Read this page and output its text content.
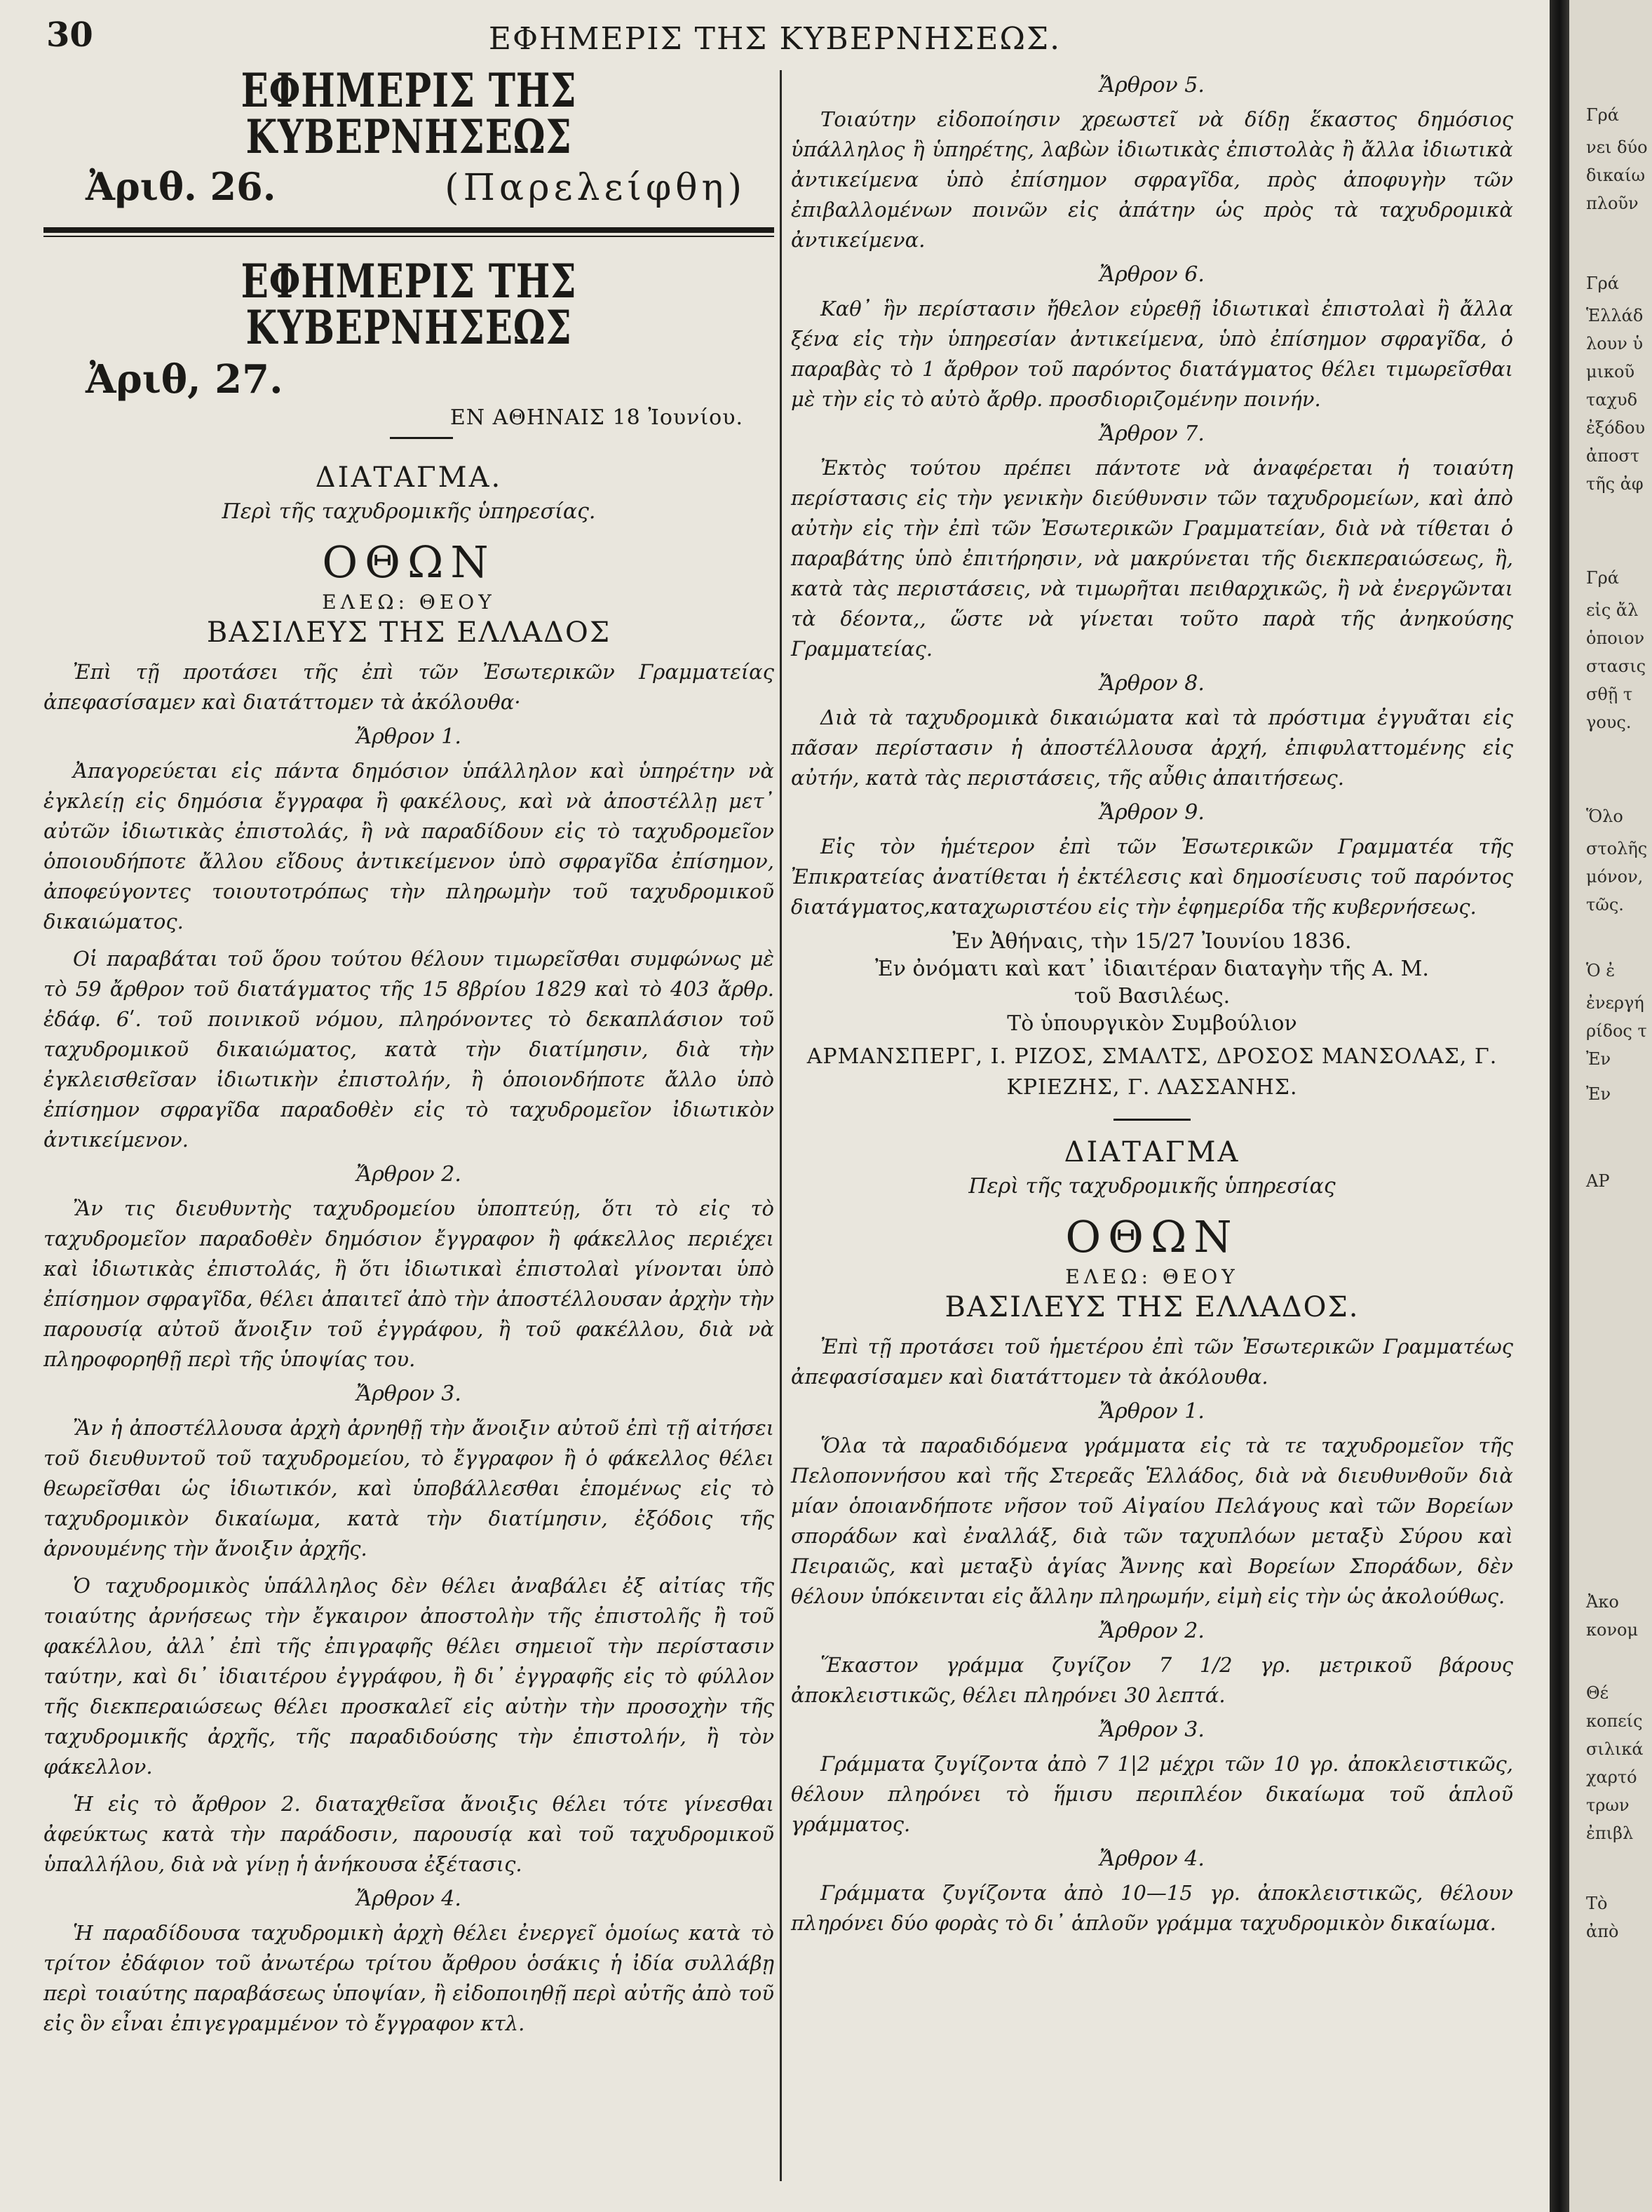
30	ΕΦΗΜΕΡΙΣ ΤΗΣ ΚΥΒΕΡΝΗΣΕΩΣ.
ΕΦΗΜΕΡΙΣ ΤΗΣ ΚΥΒΕΡΝΗΣΕΩΣ
Ἀριθ. 26.	(Παρελείφθη)
ΕΦΗΜΕΡΙΣ ΤΗΣ ΚΥΒΕΡΝΗΣΕΩΣ
Ἀριθ, 27.
ΕΝ ΑΘΗΝΑΙΣ 18 Ἰουνίου.
ΔΙΑΤΑΓΜΑ.
Περὶ τῆς ταχυδρομικῆς ὑπηρεσίας.
ΟΘΩΝ
ΕΛΕΩ: ΘΕΟΥ
ΒΑΣΙΛΕΥΣ ΤΗΣ ΕΛΛΑΔΟΣ

Ἐπὶ τῇ προτάσει τῆς ἐπὶ τῶν Ἐσωτερικῶν Γραμματείας ἀπεφασίσαμεν καὶ διατάττομεν τὰ ἀκόλουθα·

Ἄρθρον 1.

Ἀπαγορεύεται εἰς πάντα δημόσιον ὑπάλληλον καὶ ὑπηρέτην νὰ ἐγκλείῃ εἰς δημόσια ἔγγραφα ἢ φακέλους, καὶ νὰ ἀποστέλλῃ μετ᾽ αὐτῶν ἰδιωτικὰς ἐπιστολάς, ἢ νὰ παραδίδουν εἰς τὸ ταχυδρομεῖον ὁποιουδήποτε ἄλλου εἴδους ἀντικείμενον ὑπὸ σφραγῖδα ἐπίσημον, ἀποφεύγοντες τοιουτοτρόπως τὴν πληρωμὴν τοῦ ταχυδρομικοῦ δικαιώματος.

Οἱ παραβάται τοῦ ὅρου τούτου θέλουν τιμωρεῖσθαι συμφώνως μὲ τὸ 59 ἄρθρον τοῦ διατάγματος τῆς 15 8βρίου 1829 καὶ τὸ 403 ἄρθρ. ἐδάφ. 6ʹ. τοῦ ποινικοῦ νόμου, πληρόνοντες τὸ δεκαπλάσιον τοῦ ταχυδρομικοῦ δικαιώματος, κατὰ τὴν διατίμησιν, διὰ τὴν ἐγκλεισθεῖσαν ἰδιωτικὴν ἐπιστολήν, ἢ ὁποιονδήποτε ἄλλο ὑπὸ ἐπίσημον σφραγῖδα παραδοθὲν εἰς τὸ ταχυδρομεῖον ἰδιωτικὸν ἀντικείμενον.

Ἄρθρον 2.

Ἂν τις διευθυντὴς ταχυδρομείου ὑποπτεύῃ, ὅτι τὸ εἰς τὸ ταχυδρομεῖον παραδοθὲν δημόσιον ἔγγραφον ἢ φάκελλος περιέχει καὶ ἰδιωτικὰς ἐπιστολάς, ἢ ὅτι ἰδιωτικαὶ ἐπιστολαὶ γίνονται ὑπὸ ἐπίσημον σφραγῖδα, θέλει ἀπαιτεῖ ἀπὸ τὴν ἀποστέλλουσαν ἀρχὴν τὴν παρουσίᾳ αὐτοῦ ἄνοιξιν τοῦ ἐγγράφου, ἢ τοῦ φακέλλου, διὰ νὰ πληροφορηθῇ περὶ τῆς ὑποψίας του.

Ἄρθρον 3.

Ἂν ἡ ἀποστέλλουσα ἀρχὴ ἀρνηθῇ τὴν ἄνοιξιν αὐτοῦ ἐπὶ τῇ αἰτήσει τοῦ διευθυντοῦ τοῦ ταχυδρομείου, τὸ ἔγγραφον ἢ ὁ φάκελλος θέλει θεωρεῖσθαι ὡς ἰδιωτικόν, καὶ ὑποβάλλεσθαι ἑπομένως εἰς τὸ ταχυδρομικὸν δικαίωμα, κατὰ τὴν διατίμησιν, ἐξόδοις τῆς ἀρνουμένης τὴν ἄνοιξιν ἀρχῆς.

Ὁ ταχυδρομικὸς ὑπάλληλος δὲν θέλει ἀναβάλει ἐξ αἰτίας τῆς τοιαύτης ἀρνήσεως τὴν ἔγκαιρον ἀποστολὴν τῆς ἐπιστολῆς ἢ τοῦ φακέλλου, ἀλλ᾽ ἐπὶ τῆς ἐπιγραφῆς θέλει σημειοῖ τὴν περίστασιν ταύτην, καὶ δι᾽ ἰδιαιτέρου ἐγγράφου, ἢ δι᾽ ἐγγραφῆς εἰς τὸ φύλλον τῆς διεκπεραιώσεως θέλει προσκαλεῖ εἰς αὐτὴν τὴν προσοχὴν τῆς ταχυδρομικῆς ἀρχῆς, τῆς παραδιδούσης τὴν ἐπιστολήν, ἢ τὸν φάκελλον.

Ἡ εἰς τὸ ἄρθρον 2. διαταχθεῖσα ἄνοιξις θέλει τότε γίνεσθαι ἀφεύκτως κατὰ τὴν παράδοσιν, παρουσίᾳ καὶ τοῦ ταχυδρομικοῦ ὑπαλλήλου, διὰ νὰ γίνῃ ἡ ἁνήκουσα ἐξέτασις.

Ἄρθρον 4.

Ἡ παραδίδουσα ταχυδρομικὴ ἀρχὴ θέλει ἐνεργεῖ ὁμοίως κατὰ τὸ τρίτον ἐδάφιον τοῦ ἀνωτέρω τρίτου ἄρθρου ὁσάκις ἡ ἰδία συλλάβῃ περὶ τοιαύτης παραβάσεως ὑποψίαν, ἢ εἰδοποιηθῇ περὶ αὐτῆς ἀπὸ τοῦ εἰς ὃν εἶναι ἐπιγεγραμμένον τὸ ἔγγραφον κτλ.

Ἄρθρον 5.

Τοιαύτην εἰδοποίησιν χρεωστεῖ νὰ δίδῃ ἕκαστος δημόσιος ὑπάλληλος ἢ ὑπηρέτης, λαβὼν ἰδιωτικὰς ἐπιστολὰς ἢ ἄλλα ἰδιωτικὰ ἀντικείμενα ὑπὸ ἐπίσημον σφραγῖδα, πρὸς ἀποφυγὴν τῶν ἐπιβαλλομένων ποινῶν εἰς ἀπάτην ὡς πρὸς τὰ ταχυδρομικὰ ἀντικείμενα.

Ἄρθρον 6.

Καθ᾽ ἣν περίστασιν ἤθελον εὑρεθῇ ἰδιωτικαὶ ἐπιστολαὶ ἢ ἄλλα ξένα εἰς τὴν ὑπηρεσίαν ἀντικείμενα, ὑπὸ ἐπίσημον σφραγῖδα, ὁ παραβὰς τὸ 1 ἄρθρον τοῦ παρόντος διατάγματος θέλει τιμωρεῖσθαι μὲ τὴν εἰς τὸ αὐτὸ ἄρθρ. προσδιοριζομένην ποινήν.

Ἄρθρον 7.

Ἐκτὸς τούτου πρέπει πάντοτε νὰ ἀναφέρεται ἡ τοιαύτη περίστασις εἰς τὴν γενικὴν διεύθυνσιν τῶν ταχυδρομείων, καὶ ἀπὸ αὐτὴν εἰς τὴν ἐπὶ τῶν Ἐσωτερικῶν Γραμματείαν, διὰ νὰ τίθεται ὁ παραβάτης ὑπὸ ἐπιτήρησιν, νὰ μακρύνεται τῆς διεκπεραιώσεως, ἢ, κατὰ τὰς περιστάσεις, νὰ τιμωρῆται πειθαρχικῶς, ἢ νὰ ἐνεργῶνται τὰ δέοντα,, ὥστε νὰ γίνεται τοῦτο παρὰ τῆς ἀνηκούσης Γραμματείας.

Ἄρθρον 8.

Διὰ τὰ ταχυδρομικὰ δικαιώματα καὶ τὰ πρόστιμα ἐγγυᾶται εἰς πᾶσαν περίστασιν ἡ ἀποστέλλουσα ἀρχή, ἐπιφυλαττομένης εἰς αὐτήν, κατὰ τὰς περιστάσεις, τῆς αὖθις ἀπαιτήσεως.

Ἄρθρον 9.

Εἰς τὸν ἡμέτερον ἐπὶ τῶν Ἐσωτερικῶν Γραμματέα τῆς Ἐπικρατείας ἀνατίθεται ἡ ἐκτέλεσις καὶ δημοσίευσις τοῦ παρόντος διατάγματος,καταχωριστέου εἰς τὴν ἐφημερίδα τῆς κυβερνήσεως.

Ἐν Ἀθήναις, τὴν 15/27 Ἰουνίου 1836.
Ἐν ὀνόματι καὶ κατ᾽ ἰδιαιτέραν διαταγὴν τῆς Α. Μ.
τοῦ Βασιλέως.
Τὸ ὑπουργικὸν Συμβούλιον
ΑΡΜΑΝΣΠΕΡΓ, Ι. ΡΙΖΟΣ, ΣΜΑΛΤΣ, ΔΡΟΣΟΣ ΜΑΝΣΟΛΑΣ, Γ.
ΚΡΙΕΖΗΣ, Γ. ΛΑΣΣΑΝΗΣ.
ΔΙΑΤΑΓΜΑ
Περὶ τῆς ταχυδρομικῆς ὑπηρεσίας
ΟΘΩΝ
ΕΛΕΩ: ΘΕΟΥ
ΒΑΣΙΛΕΥΣ ΤΗΣ ΕΛΛΑΔΟΣ.

Ἐπὶ τῇ προτάσει τοῦ ἡμετέρου ἐπὶ τῶν Ἐσωτερικῶν Γραμματέως ἀπεφασίσαμεν καὶ διατάττομεν τὰ ἀκόλουθα.

Ἄρθρον 1.

Ὅλα τὰ παραδιδόμενα γράμματα εἰς τὰ τε ταχυδρομεῖον τῆς Πελοποννήσου καὶ τῆς Στερεᾶς Ἑλλάδος, διὰ νὰ διευθυνθοῦν διὰ μίαν ὁποιανδήποτε νῆσον τοῦ Αἰγαίου Πελάγους καὶ τῶν Βορείων σποράδων καὶ ἐναλλάξ, διὰ τῶν ταχυπλόων μεταξὺ Σύρου καὶ Πειραιῶς, καὶ μεταξὺ ἁγίας Ἄννης καὶ Βορείων Σποράδων, δὲν θέλουν ὑπόκεινται εἰς ἄλλην πληρωμήν, εἰμὴ εἰς τὴν ὡς ἀκολούθως.

Ἄρθρον 2.

Ἕκαστον γράμμα ζυγίζον 7 1/2 γρ. μετρικοῦ βάρους ἀποκλειστικῶς, θέλει πληρόνει 30 λεπτά.

Ἄρθρον 3.

Γράμματα ζυγίζοντα ἀπὸ 7 1|2 μέχρι τῶν 10 γρ. ἀποκλειστικῶς, θέλουν πληρόνει τὸ ἥμισυ περιπλέον δικαίωμα τοῦ ἁπλοῦ γράμματος.

Ἄρθρον 4.

Γράμματα ζυγίζοντα ἀπὸ 10—15 γρ. ἀποκλειστικῶς, θέλουν πληρόνει δύο φορὰς τὸ δι᾽ ἁπλοῦν γράμμα ταχυδρομικὸν δικαίωμα.

Γρά
νει δύο
δικαίω
πλοῦν
Γρά
Ἑλλάδ
λουν ὑ
μικοῦ
ταχυδ
ἐξόδου
ἀποστ
τῆς ἀφ
Γρά
εἰς ἄλ
ὁποιον
στασις
σθῇ τ
γους.
Ὅλο
στολῆς
μόνον,
τῶς.
Ὁ ἐ
ἐνεργή
ρίδος τ
Ἐν
Ἐν
ΑΡ
Ἀκο
κονομ
Θέ
κοπείς
σιλικά
χαρτό
τρων
ἐπιβλ
Τὸ
ἀπὸ
